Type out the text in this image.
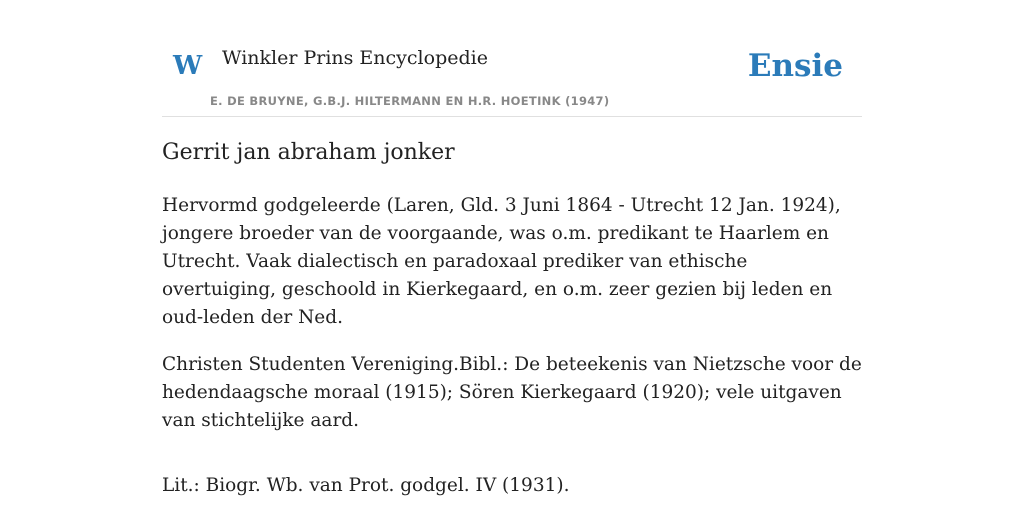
W Winkler Prins Encyclopedie
E. DE BRUYNE, G.B.J. HILTERMANN EN H.R. HOETINK (1947)
Ensie
Gerrit jan abraham jonker

Hervormd godgeleerde (Laren, Gld. 3 Juni 1864 - Utrecht 12 Jan. 1924), jongere broeder van de voorgaande, was o.m. predikant te Haarlem en Utrecht. Vaak dialectisch en paradoxaal prediker van ethische overtuiging, geschoold in Kierkegaard, en o.m. zeer gezien bij leden en oud-leden der Ned.

Christen Studenten Vereniging.Bibl.: De beteekenis van Nietzsche voor de hedendaagsche moraal (1915); Sören Kierkegaard (1920); vele uitgaven van stichtelijke aard.

Lit.: Biogr. Wb. van Prot. godgel. IV (1931).
